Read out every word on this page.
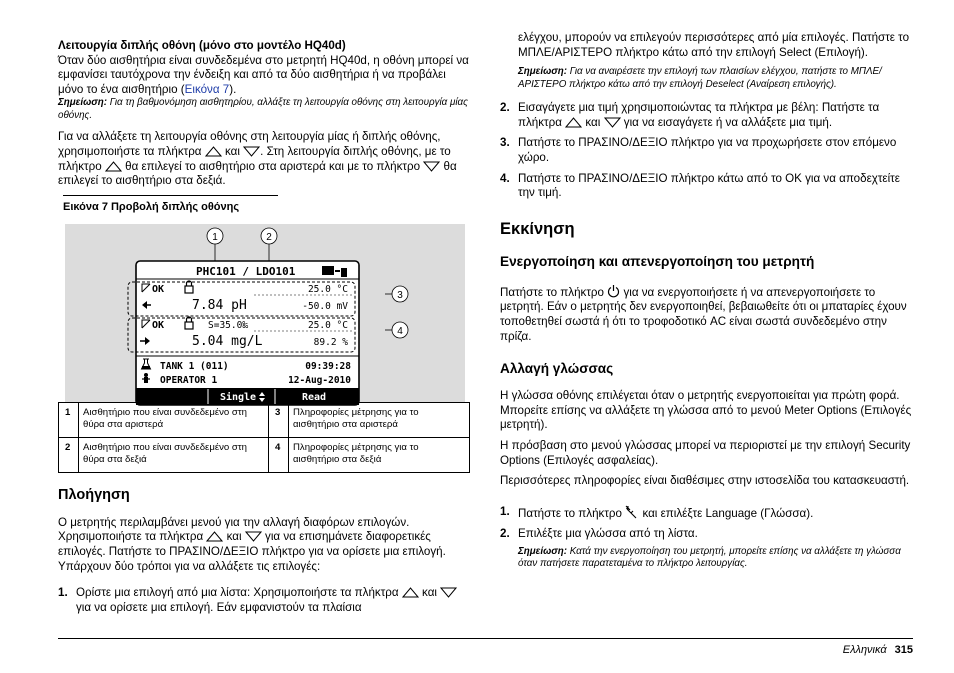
Λειτουργία διπλής οθόνη (μόνο στο μοντέλο HQ40d)

Όταν δύο αισθητήρια είναι συνδεδεμένα στο μετρητή HQ40d, η οθόνη μπορεί να εμφανίσει ταυτόχρονα την ένδειξη και από τα δύο αισθητήρια ή να προβάλει μόνο το ένα αισθητήριο (Εικόνα 7).

Σημείωση: Για τη βαθμονόμηση αισθητηρίου, αλλάξτε τη λειτουργία οθόνης στη λειτουργία μίας οθόνης.

Για να αλλάξετε τη λειτουργία οθόνης στη λειτουργία μίας ή διπλής οθόνης, χρησιμοποιήστε τα πλήκτρα και . Στη λειτουργία διπλής οθόνης, με το πλήκτρο θα επιλεγεί το αισθητήριο στα αριστερά και με το πλήκτρο θα επιλεγεί το αισθητήριο στα δεξιά.

Εικόνα 7 Προβολή διπλής οθόνης
1	2
3
4
PHC101 / LDO101
OK	25.0 °C
7.84 pH	-50.0 mV
OK	S=35.0‰	25.0 °C
5.04 mg/L	89.2 %
TANK 1 (011)	09:39:28
OPERATOR 1	12-Aug-2010
Single	Read
1	Αισθητήριο που είναι συνδεδεμένο στη θύρα στα αριστερά	3	Πληροφορίες μέτρησης για το αισθητήριο στα αριστερά
2	Αισθητήριο που είναι συνδεδεμένο στη θύρα στα δεξιά	4	Πληροφορίες μέτρησης για το αισθητήριο στα δεξιά
Πλοήγηση

Ο μετρητής περιλαμβάνει μενού για την αλλαγή διαφόρων επιλογών. Χρησιμοποιήστε τα πλήκτρα και για να επισημάνετε διαφορετικές επιλογές. Πατήστε το ΠΡΑΣΙΝΟ/ΔΕΞΙΟ πλήκτρο για να ορίσετε μια επιλογή. Υπάρχουν δύο τρόποι για να αλλάξετε τις επιλογές:

1. Ορίστε μια επιλογή από μια λίστα: Χρησιμοποιήστε τα πλήκτρα και  για να ορίσετε μια επιλογή. Εάν εμφανιστούν τα πλαίσια

ελέγχου, μπορούν να επιλεγούν περισσότερες από μία επιλογές. Πατήστε το ΜΠΛΕ/ΑΡΙΣΤΕΡΟ πλήκτρο κάτω από την επιλογή Select (Επιλογή).

Σημείωση: Για να αναιρέσετε την επιλογή των πλαισίων ελέγχου, πατήστε το ΜΠΛΕ/ΑΡΙΣΤΕΡΟ πλήκτρο κάτω από την επιλογή Deselect (Αναίρεση επιλογής).

2. Εισαγάγετε μια τιμή χρησιμοποιώντας τα πλήκτρα με βέλη: Πατήστε τα πλήκτρα και για να εισαγάγετε ή να αλλάξετε μια τιμή.
3. Πατήστε το ΠΡΑΣΙΝΟ/ΔΕΞΙΟ πλήκτρο για να προχωρήσετε στον επόμενο χώρο.
4. Πατήστε το ΠΡΑΣΙΝΟ/ΔΕΞΙΟ πλήκτρο κάτω από το OK για να αποδεχτείτε την τιμή.
Εκκίνηση
Ενεργοποίηση και απενεργοποίηση του μετρητή

Πατήστε το πλήκτρο για να ενεργοποιήσετε ή να απενεργοποιήσετε το μετρητή. Εάν ο μετρητής δεν ενεργοποιηθεί, βεβαιωθείτε ότι οι μπαταρίες έχουν τοποθετηθεί σωστά ή ότι το τροφοδοτικό AC είναι σωστά συνδεδεμένο στην πρίζα.

Αλλαγή γλώσσας

Η γλώσσα οθόνης επιλέγεται όταν ο μετρητής ενεργοποιείται για πρώτη φορά. Μπορείτε επίσης να αλλάξετε τη γλώσσα από το μενού Meter Options (Επιλογές μετρητή).

Η πρόσβαση στο μενού γλώσσας μπορεί να περιοριστεί με την επιλογή Security Options (Επιλογές ασφαλείας).

Περισσότερες πληροφορίες είναι διαθέσιμες στην ιστοσελίδα του κατασκευαστή.

1. Πατήστε το πλήκτρο και επιλέξτε Language (Γλώσσα).
2. Επιλέξτε μια γλώσσα από τη λίστα.

Σημείωση: Κατά την ενεργοποίηση του μετρητή, μπορείτε επίσης να αλλάξετε τη γλώσσα όταν πατήσετε παρατεταμένα το πλήκτρο λειτουργίας.

Ελληνικά 315
